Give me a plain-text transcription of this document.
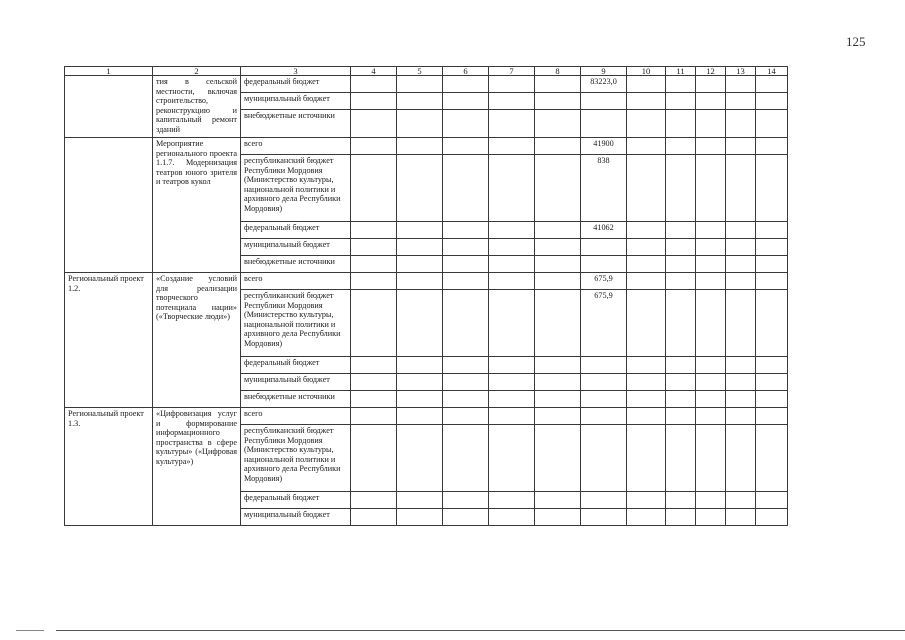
125
1	2	3	4	5	6	7	8	9	10	11	12	13	14
	тия в сельской местности, включая строительство, реконструкцию и капитальный ремонт зданий	федеральный бюджет						83223,0					
		муниципальный бюджет											
		внебюджетные источники											
	Мероприятие регионального проекта 1.1.7. Модернизация театров юного зрителя и театров кукол	всего						41900					
		республиканский бюджет Республики Мордовия (Министерство культуры, национальной политики и архивного дела Республики Мордовия)						838					
		федеральный бюджет						41062					
		муниципальный бюджет											
		внебюджетные источники											
Региональный проект 1.2.	«Создание условий для реализации творческого потенциала нации» («Творческие люди»)	всего						675,9					
		республиканский бюджет Республики Мордовия (Министерство культуры, национальной политики и архивного дела Республики Мордовия)						675,9					
		федеральный бюджет											
		муниципальный бюджет											
		внебюджетные источники											
Региональный проект 1.3.	«Цифровизация услуг и формирование информационного пространства в сфере культуры» («Цифровая культура»)	всего											
		республиканский бюджет Республики Мордовия (Министерство культуры, национальной политики и архивного дела Республики Мордовия)											
		федеральный бюджет											
		муниципальный бюджет											
